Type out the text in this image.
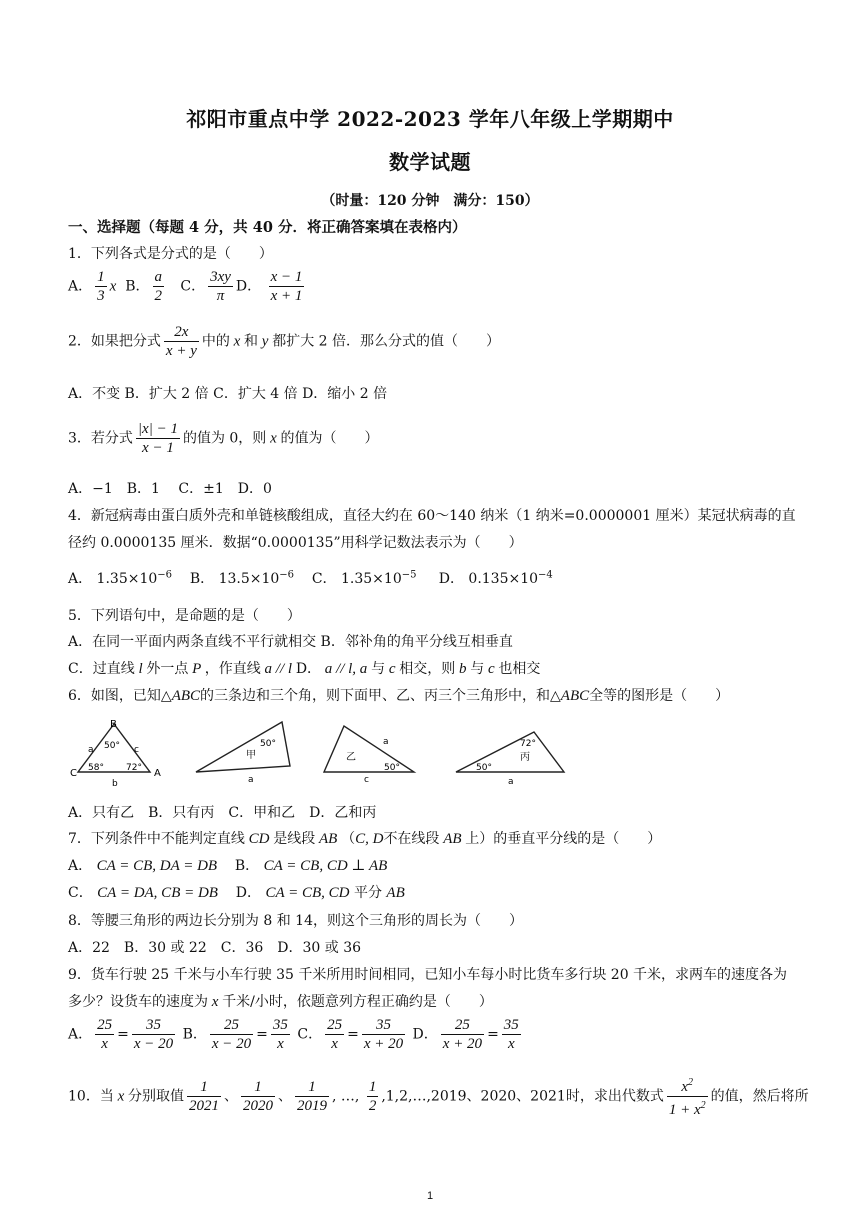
祁阳市重点中学 2022-2023 学年八年级上学期期中
数学试题
（时量：120 分钟　满分：150）
一、选择题（每题 4 分，共 40 分．将正确答案填在表格内）
1．下列各式是分式的是（　　）
A． $\frac{1}{3}$ x  B． $\frac{a}{2}$ C． $\frac{3xy}{\pi}$ D． $\frac{x - 1}{x + 1}$
2．如果把分式 $\frac{2x}{x + y}$ 中的 x 和 y 都扩大 2 倍．那么分式的值（　　）
A．不变 B．扩大 2 倍 C．扩大 4 倍 D．缩小 2 倍
3．若分式 $\frac{|x| - 1}{x - 1}$ 的值为 0，则 x 的值为（　　）
A．−1　B．1　 C．±1　D．0
4．新冠病毒由蛋白质外壳和单链核酸组成，直径大约在 60～140 纳米（1 纳米=0.0000001 厘米）某冠状病毒的直径约 0.0000135 厘米．数据“0.0000135”用科学记数法表示为（　　）
A． $1.35\times 10^{-6}$    B． $13.5\times 10^{-6}$    C． $1.35\times 10^{-5}$     D． $0.135\times 10^{-4}$
5．下列语句中，是命题的是（　　）
A．在同一平面内两条直线不平行就相交 B．邻补角的角平分线互相垂直
C．过直线 l 外一点 P ，作直线 a // l D． a // l, a 与 c 相交，则 b 与 c 也相交
6．如图，已知△ABC的三条边和三个角，则下面甲、乙、丙三个三角形中，和△ABC全等的图形是（　　）
B
a	c
50°
58° 72°
C	A
b
50°
甲
a
a
乙
50°
c
72°
丙
50°
a
A．只有乙　B．只有丙　C．甲和乙　D．乙和丙
7．下列条件中不能判定直线 CD 是线段 AB （C, D不在线段 AB 上）的垂直平分线的是（　　）
A． CA = CB, DA = DB    B． CA = CB, CD ⊥ AB
C． CA = DA, CB = DB    D． CA = CB, CD 平分 AB
8．等腰三角形的两边长分别为 8 和 14，则这个三角形的周长为（　　）
A．22　B．30 或 22　C．36　D．30 或 36
9．货车行驶 25 千米与小车行驶 35 千米所用时间相同，已知小车每小时比货车多行块 20 千米，求两车的速度各为多少？设货车的速度为 x 千米/小时，依题意列方程正确约是（　　）
A． $\frac{25}{x} = \frac{35}{x - 20}$ B． $\frac{25}{x - 20} = \frac{35}{x}$ C． $\frac{25}{x} = \frac{35}{x + 20}$ D． $\frac{25}{x + 20} = \frac{35}{x}$
10．当 x 分别取值 $\frac{1}{2021}$ 、 $\frac{1}{2020}$ 、 $\frac{1}{2019}$ , …, $\frac{1}{2}$ ,1,2,…,2019、2020、2021时，求出代数式 $\frac{x^2}{1 + x^2}$ 的值，然后将所
1
